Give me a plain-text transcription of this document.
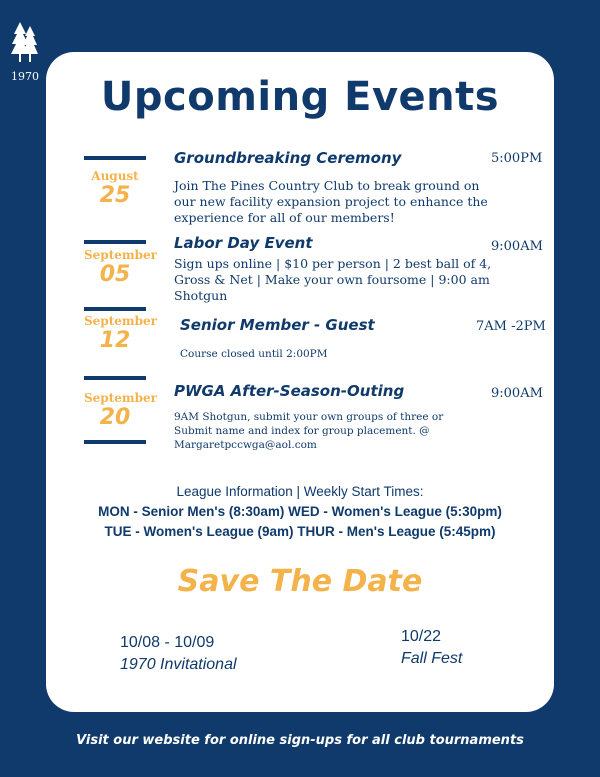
1970	Upcoming Events
August
25
Groundbreaking Ceremony	5:00PM
Join The Pines Country Club to break ground on our new facility expansion project to enhance the experience for all of our members!
September
05
Labor Day Event	9:00AM
Sign ups online | $10 per person | 2 best ball of 4, Gross & Net | Make your own foursome | 9:00 am Shotgun
September
12
Senior Member - Guest	7AM -2PM
Course closed until 2:00PM
September
20
PWGA After-Season-Outing	9:00AM
9AM Shotgun, submit your own groups of three or Submit name and index for group placement. @ Margaretpccwga@aol.com
League Information | Weekly Start Times:
MON - Senior Men's (8:30am) WED - Women's League (5:30pm)
TUE - Women's League (9am) THUR - Men's League (5:45pm)
Save The Date
10/08 - 10/09
1970 Invitational
10/22
Fall Fest
Visit our website for online sign-ups for all club tournaments
